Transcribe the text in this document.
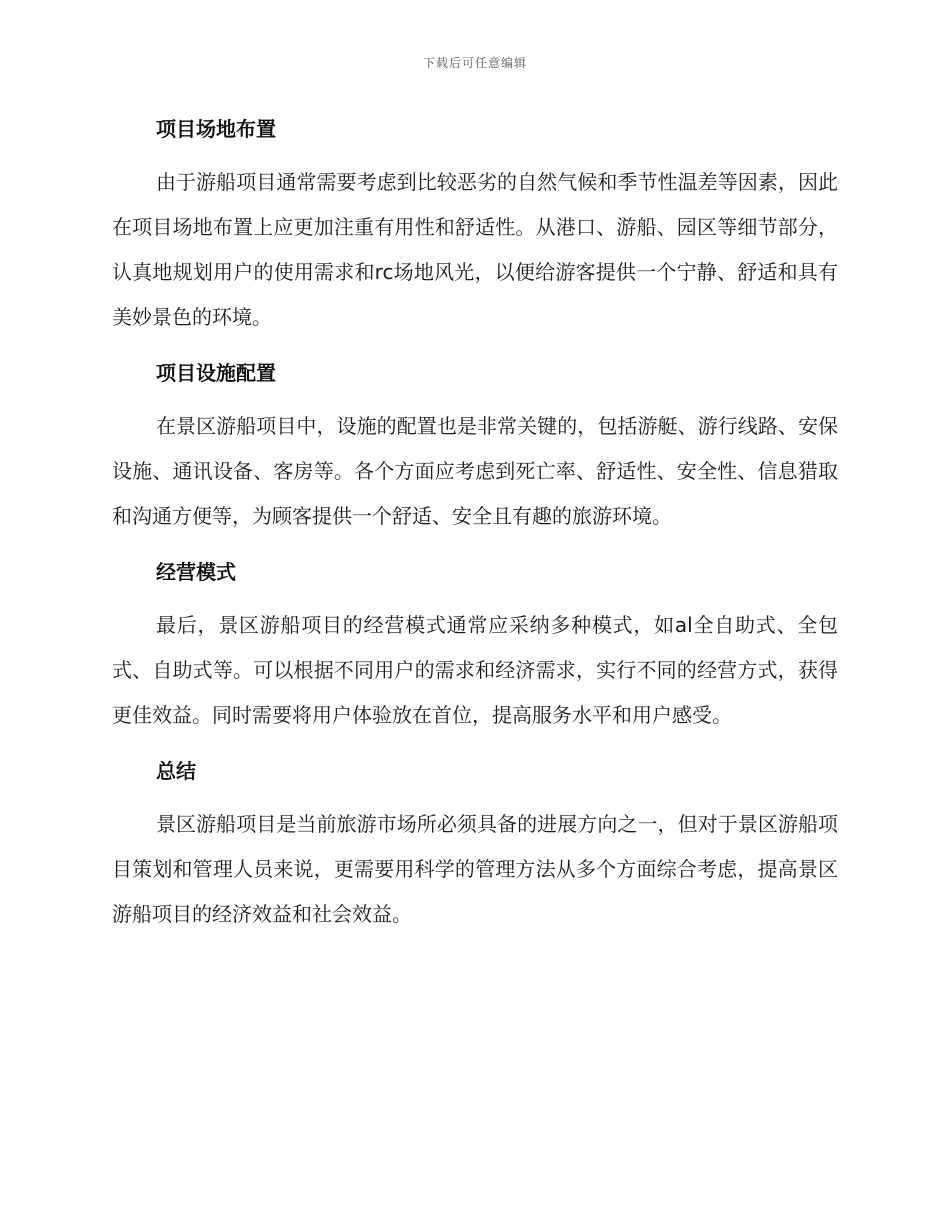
下载后可任意编辑
项目场地布置

由于游船项目通常需要考虑到比较恶劣的自然气候和季节性温差等因素，因此在项目场地布置上应更加注重有用性和舒适性。从港口、游船、园区等细节部分，认真地规划用户的使用需求和rc场地风光，以便给游客提供一个宁静、舒适和具有美妙景色的环境。

项目设施配置

在景区游船项目中，设施的配置也是非常关键的，包括游艇、游行线路、安保设施、通讯设备、客房等。各个方面应考虑到死亡率、舒适性、安全性、信息猎取和沟通方便等，为顾客提供一个舒适、安全且有趣的旅游环境。

经营模式

最后，景区游船项目的经营模式通常应采纳多种模式，如al全自助式、全包式、自助式等。可以根据不同用户的需求和经济需求，实行不同的经营方式，获得更佳效益。同时需要将用户体验放在首位，提高服务水平和用户感受。

总结

景区游船项目是当前旅游市场所必须具备的进展方向之一，但对于景区游船项目策划和管理人员来说，更需要用科学的管理方法从多个方面综合考虑，提高景区游船项目的经济效益和社会效益。
